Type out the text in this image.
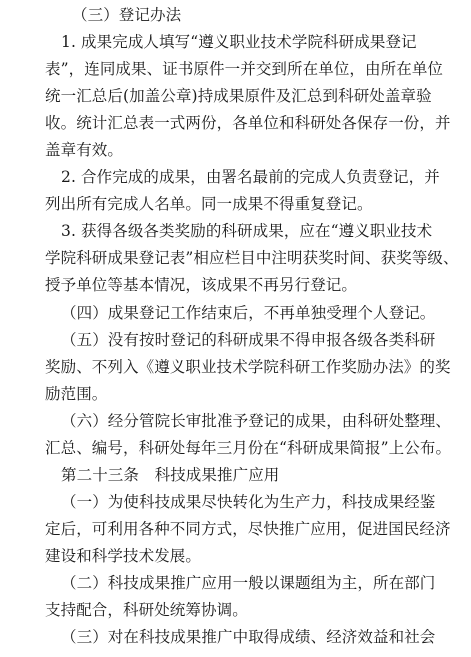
（三）登记办法
1. 成果完成人填写“遵义职业技术学院科研成果登记
表”，连同成果、证书原件一并交到所在单位，由所在单位
统一汇总后(加盖公章)持成果原件及汇总到科研处盖章验
收。统计汇总表一式两份，各单位和科研处各保存一份，并
盖章有效。
2. 合作完成的成果，由署名最前的完成人负责登记，并
列出所有完成人名单。同一成果不得重复登记。
3. 获得各级各类奖励的科研成果，应在“遵义职业技术
学院科研成果登记表”相应栏目中注明获奖时间、获奖等级、
授予单位等基本情况，该成果不再另行登记。
（四）成果登记工作结束后，不再单独受理个人登记。
（五）没有按时登记的科研成果不得申报各级各类科研
奖励、不列入《遵义职业技术学院科研工作奖励办法》的奖
励范围。
（六）经分管院长审批准予登记的成果，由科研处整理、
汇总、编号，科研处每年三月份在“科研成果简报”上公布。
第二十三条　科技成果推广应用
（一）为使科技成果尽快转化为生产力，科技成果经鉴
定后，可利用各种不同方式，尽快推广应用，促进国民经济
建设和科学技术发展。
（二）科技成果推广应用一般以课题组为主，所在部门
支持配合，科研处统筹协调。
（三）对在科技成果推广中取得成绩、经济效益和社会
